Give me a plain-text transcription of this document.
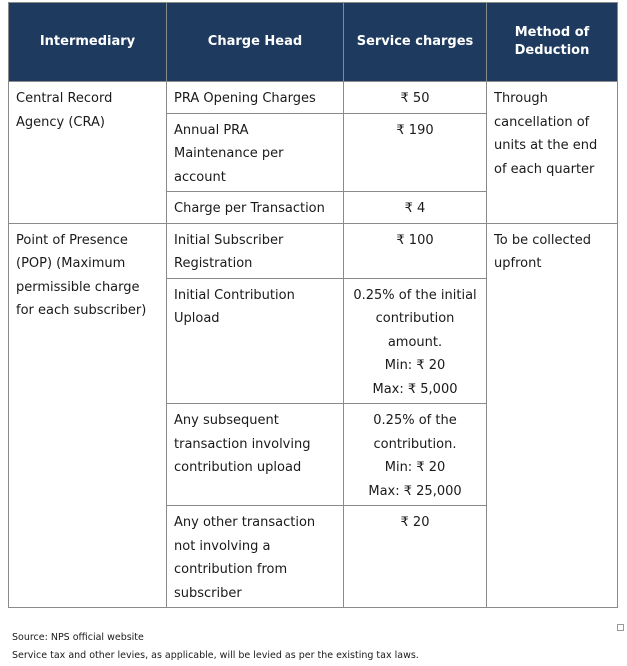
Intermediary	Charge Head	Service charges	Method of Deduction
Central Record Agency (CRA)	PRA Opening Charges	₹ 50	Through cancellation of units at the end of each quarter
	Annual PRA Maintenance per account	₹ 190	
	Charge per Transaction	₹ 4	
Point of Presence (POP) (Maximum permissible charge for each subscriber)	Initial Subscriber Registration	₹ 100	To be collected upfront
	Initial Contribution Upload	0.25% of the initial
contribution
amount.
Min: ₹ 20
Max: ₹ 5,000	

	Any subsequent transaction involving contribution upload	0.25% of the
contribution.
Min: ₹ 20
Max: ₹ 25,000	

	Any other transaction not involving a contribution from subscriber	₹ 20	
Source: NPS official website
Service tax and other levies, as applicable, will be levied as per the existing tax laws.
